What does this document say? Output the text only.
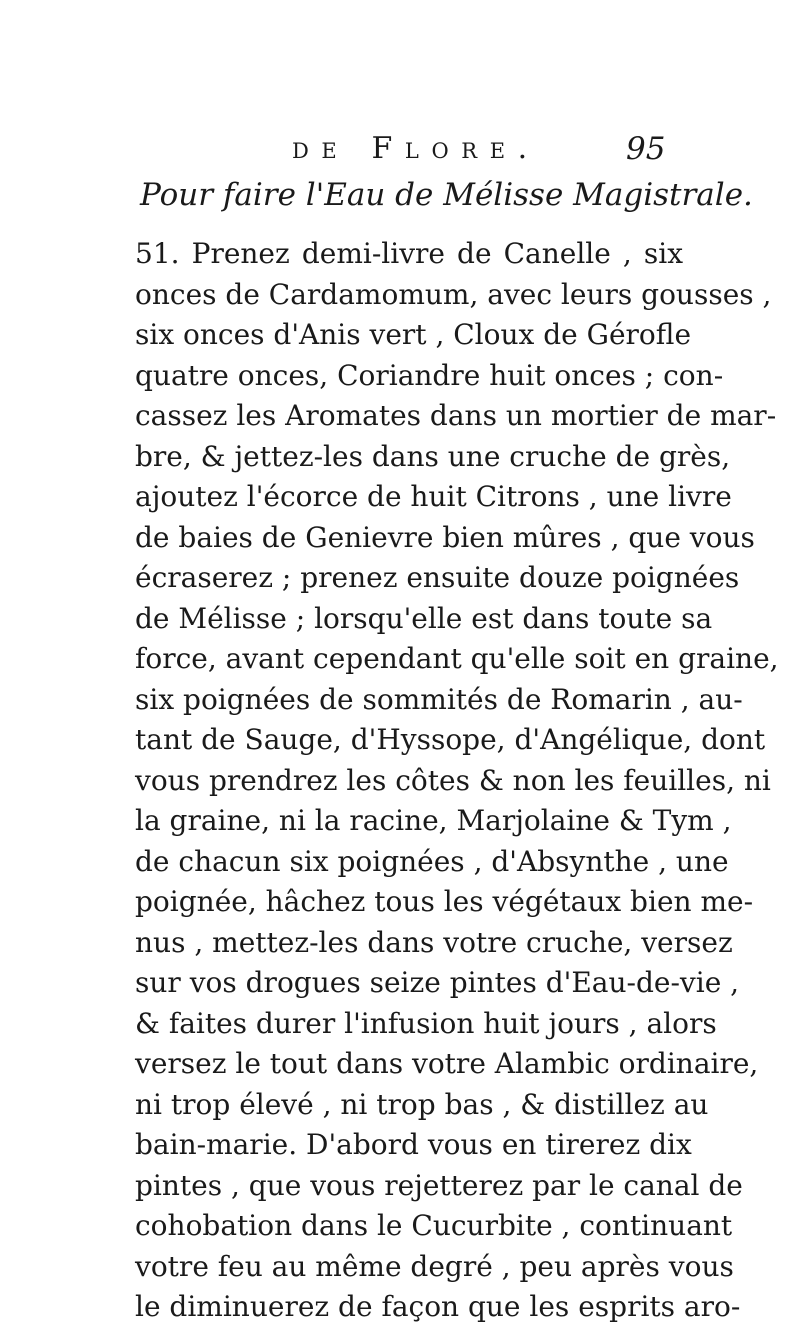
de Flore.	95
Pour faire l'Eau de Mélisse Magistrale.
51. Prenez demi-livre de Canelle , six
onces de Cardamomum, avec leurs gousses ,
six onces d'Anis vert , Cloux de Gérofle
quatre onces, Coriandre huit onces ; con-
cassez les Aromates dans un mortier de mar-
bre, & jettez-les dans une cruche de grès,
ajoutez l'écorce de huit Citrons , une livre
de baies de Genievre bien mûres , que vous
écraserez ; prenez ensuite douze poignées
de Mélisse ; lorsqu'elle est dans toute sa
force, avant cependant qu'elle soit en graine,
six poignées de sommités de Romarin , au-
tant de Sauge, d'Hyssope, d'Angélique, dont
vous prendrez les côtes & non les feuilles, ni
la graine, ni la racine, Marjolaine & Tym ,
de chacun six poignées , d'Absynthe , une
poignée, hâchez tous les végétaux bien me-
nus , mettez-les dans votre cruche, versez
sur vos drogues seize pintes d'Eau-de-vie ,
& faites durer l'infusion huit jours , alors
versez le tout dans votre Alambic ordinaire,
ni trop élevé , ni trop bas , & distillez au
bain-marie. D'abord vous en tirerez dix
pintes , que vous rejetterez par le canal de
cohobation dans le Cucurbite , continuant
votre feu au même degré , peu après vous
le diminuerez de façon que les esprits aro-
